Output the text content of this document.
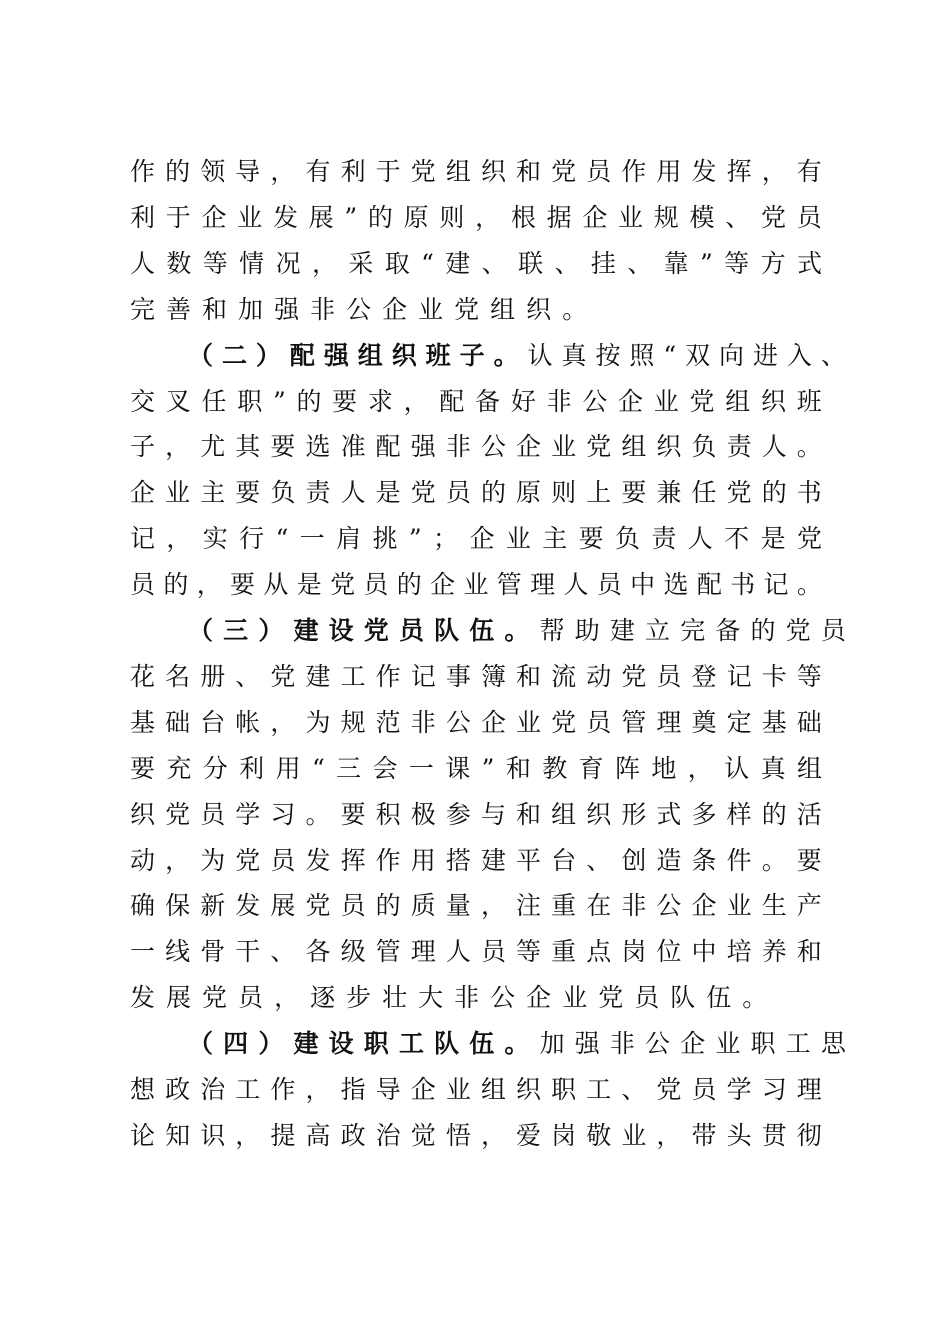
作 的 领 导 ， 有 利 于 党 组 织 和 党 员 作 用 发 挥 ， 有
利 于 企 业 发 展 ” 的 原 则 ， 根 据 企 业 规 模 、 党 员
人 数 等 情 况 ， 采 取 “ 建 、 联 、 挂 、 靠 ” 等 方 式
完 善 和 加 强 非 公 企 业 党 组 织 。
（ 二 ） 配 强 组 织 班 子 。 认 真 按 照 “ 双 向 进 入 、
交 叉 任 职 ” 的 要 求 ， 配 备 好 非 公 企 业 党 组 织 班
子 ， 尤 其 要 选 准 配 强 非 公 企 业 党 组 织 负 责 人 。
企 业 主 要 负 责 人 是 党 员 的 原 则 上 要 兼 任 党 的 书
记 ， 实 行 “ 一 肩 挑 ” ； 企 业 主 要 负 责 人 不 是 党
员 的 ， 要 从 是 党 员 的 企 业 管 理 人 员 中 选 配 书 记 。
（ 三 ） 建 设 党 员 队 伍 。 帮 助 建 立 完 备 的 党 员
花 名 册 、 党 建 工 作 记 事 簿 和 流 动 党 员 登 记 卡 等
基 础 台 帐 ， 为 规 范 非 公 企 业 党 员 管 理 奠 定 基 础
要 充 分 利 用 “ 三 会 一 课 ” 和 教 育 阵 地 ， 认 真 组
织 党 员 学 习 。 要 积 极 参 与 和 组 织 形 式 多 样 的 活
动 ， 为 党 员 发 挥 作 用 搭 建 平 台 、 创 造 条 件 。 要
确 保 新 发 展 党 员 的 质 量 ， 注 重 在 非 公 企 业 生 产
一 线 骨 干 、 各 级 管 理 人 员 等 重 点 岗 位 中 培 养 和
发 展 党 员 ， 逐 步 壮 大 非 公 企 业 党 员 队 伍 。
（ 四 ） 建 设 职 工 队 伍 。 加 强 非 公 企 业 职 工 思
想 政 治 工 作 ， 指 导 企 业 组 织 职 工 、 党 员 学 习 理
论 知 识 ， 提 高 政 治 觉 悟 ， 爱 岗 敬 业 ， 带 头 贯 彻
